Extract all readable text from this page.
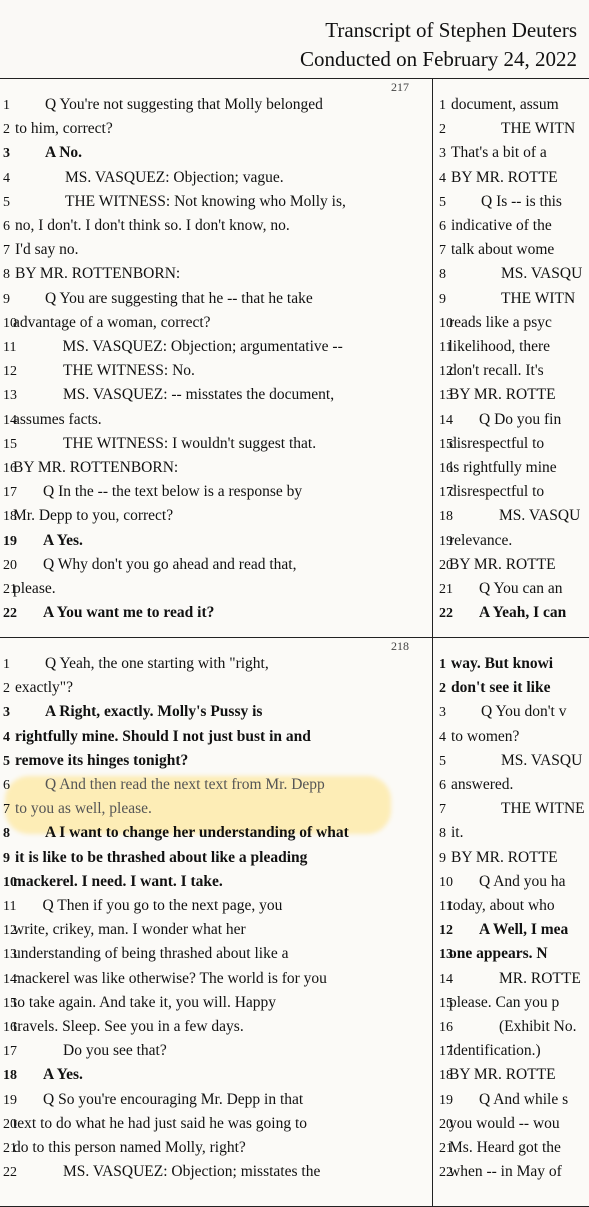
Transcript of Stephen Deuters
Conducted on February 24, 2022
217
1 Q You're not suggesting that Molly belonged
2 to him, correct?
3 A No.
4	MS. VASQUEZ: Objection; vague.
5	THE WITNESS: Not knowing who Molly is,
6 no, I don't. I don't think so. I don't know, no.
7 I'd say no.
8 BY MR. ROTTENBORN:
9 Q You are suggesting that he -- that he take
10advantage of a woman, correct?
11	MS. VASQUEZ: Objection; argumentative --
12	THE WITNESS: No.
13	MS. VASQUEZ: -- misstates the document,
14assumes facts.
15	THE WITNESS: I wouldn't suggest that.
16BY MR. ROTTENBORN:
17 Q In the -- the text below is a response by
18Mr. Depp to you, correct?
19 A Yes.
20 Q Why don't you go ahead and read that,
21please.
22 A You want me to read it?
1 document, assum
2	THE WITN
3 That's a bit of a
4 BY MR. ROTTE
5 Q Is -- is this
6 indicative of the
7 talk about wome
8	MS. VASQU
9	THE WITN
10reads like a psyc
11likelihood, there
12don't recall. It's
13BY MR. ROTTE
14 Q Do you fin
15disrespectful to
16is rightfully mine
17disrespectful to
18	MS. VASQU
19relevance.
20BY MR. ROTTE
21 Q You can an
22 A Yeah, I can
218
1 Q Yeah, the one starting with "right,
2 exactly"?
3 A Right, exactly. Molly's Pussy is
4 rightfully mine. Should I not just bust in and
5 remove its hinges tonight?
6 Q And then read the next text from Mr. Depp
7 to you as well, please.
8 A I want to change her understanding of what
9 it is like to be thrashed about like a pleading
10mackerel. I need. I want. I take.
11 Q Then if you go to the next page, you
12write, crikey, man. I wonder what her
13understanding of being thrashed about like a
14mackerel was like otherwise? The world is for you
15to take again. And take it, you will. Happy
16travels. Sleep. See you in a few days.
17	Do you see that?
18 A Yes.
19 Q So you're encouraging Mr. Depp in that
20text to do what he had just said he was going to
21do to this person named Molly, right?
22	MS. VASQUEZ: Objection; misstates the
1 way. But knowi
2 don't see it like
3 Q You don't v
4 to women?
5	MS. VASQU
6 answered.
7	THE WITNE
8 it.
9 BY MR. ROTTE
10 Q And you ha
11today, about who
12 A Well, I mea
13one appears. N
14	MR. ROTTE
15please. Can you p
16	(Exhibit No.
17identification.)
18BY MR. ROTTE
19 Q And while s
20you would -- wou
21Ms. Heard got the
22when -- in May of
